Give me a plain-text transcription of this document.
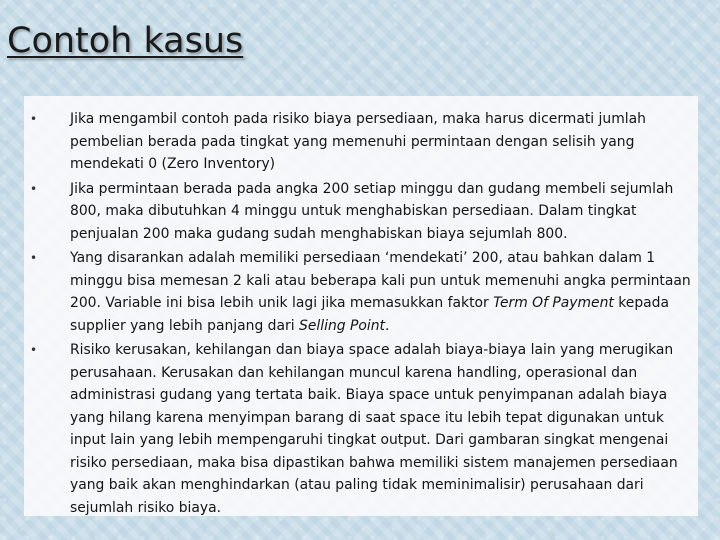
Contoh kasus
• Jika mengambil contoh pada risiko biaya persediaan, maka harus dicermati jumlah pembelian berada pada tingkat yang memenuhi permintaan dengan selisih yang mendekati 0 (Zero Inventory)
• Jika permintaan berada pada angka 200 setiap minggu dan gudang membeli sejumlah 800, maka dibutuhkan 4 minggu untuk menghabiskan persediaan. Dalam tingkat penjualan 200 maka gudang sudah menghabiskan biaya sejumlah 800.
• Yang disarankan adalah memiliki persediaan ‘mendekati’ 200, atau bahkan dalam 1 minggu bisa memesan 2 kali atau beberapa kali pun untuk memenuhi angka permintaan 200. Variable ini bisa lebih unik lagi jika memasukkan faktor Term Of Payment kepada supplier yang lebih panjang dari Selling Point.
• Risiko kerusakan, kehilangan dan biaya space adalah biaya-biaya lain yang merugikan perusahaan. Kerusakan dan kehilangan muncul karena handling, operasional dan administrasi gudang yang tertata baik. Biaya space untuk penyimpanan adalah biaya yang hilang karena menyimpan barang di saat space itu lebih tepat digunakan untuk input lain yang lebih mempengaruhi tingkat output. Dari gambaran singkat mengenai risiko persediaan, maka bisa dipastikan bahwa memiliki sistem manajemen persediaan yang baik akan menghindarkan (atau paling tidak meminimalisir) perusahaan dari sejumlah risiko biaya.
